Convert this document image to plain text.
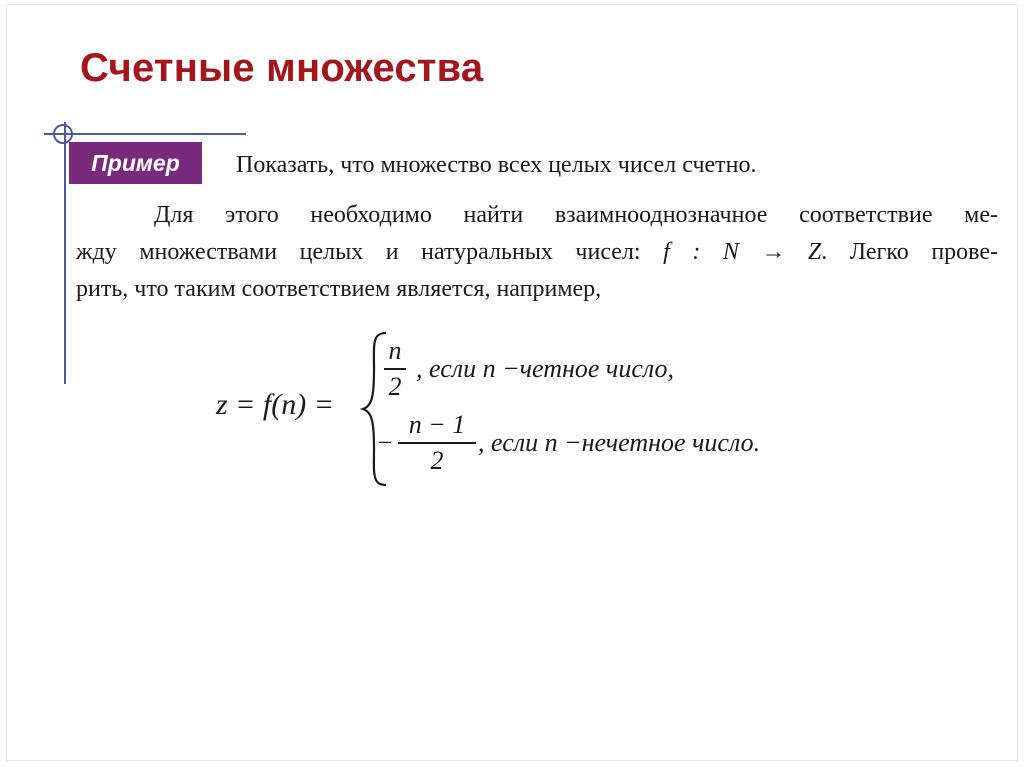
Счетные множества
Пример	Показать, что множество всех целых чисел счетно.
Для этого необходимо найти взаимнооднозначное соответствие ме-
жду множествами целых и натуральных чисел: f : N → Z. Легко прове-
рить, что таким соответствием является, например,
z = f(n) =
n
2
, если n −четное число,
−
n − 1
2
, если n −нечетное число.
